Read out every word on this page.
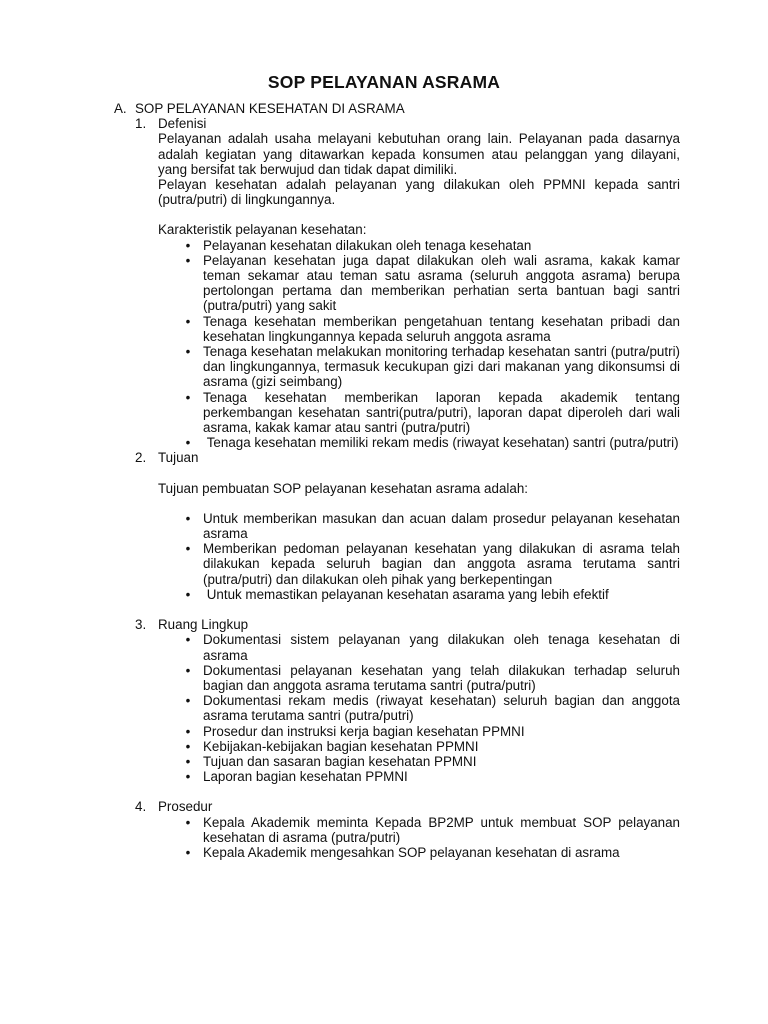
SOP PELAYANAN ASRAMA
A. SOP PELAYANAN KESEHATAN DI ASRAMA
1. Defenisi
Pelayanan adalah usaha melayani kebutuhan orang lain. Pelayanan pada dasarnya adalah kegiatan yang ditawarkan kepada konsumen atau pelanggan yang dilayani, yang bersifat tak berwujud dan tidak dapat dimiliki.
Pelayan kesehatan adalah pelayanan yang dilakukan oleh PPMNI kepada santri (putra/putri) di lingkungannya.
Karakteristik pelayanan kesehatan:
• Pelayanan kesehatan dilakukan oleh tenaga kesehatan
• Pelayanan kesehatan juga dapat dilakukan oleh wali asrama, kakak kamar teman sekamar atau teman satu asrama (seluruh anggota asrama) berupa pertolongan pertama dan memberikan perhatian serta bantuan bagi santri (putra/putri) yang sakit
• Tenaga kesehatan memberikan pengetahuan tentang kesehatan pribadi dan kesehatan lingkungannya kepada seluruh anggota asrama
• Tenaga kesehatan melakukan monitoring terhadap kesehatan santri (putra/putri) dan lingkungannya, termasuk kecukupan gizi dari makanan yang dikonsumsi di asrama (gizi seimbang)
• Tenaga kesehatan memberikan laporan kepada akademik tentang perkembangan kesehatan santri(putra/putri), laporan dapat diperoleh dari wali asrama, kakak kamar atau santri (putra/putri)
• Tenaga kesehatan memiliki rekam medis (riwayat kesehatan) santri (putra/putri)
2. Tujuan
Tujuan pembuatan SOP pelayanan kesehatan asrama adalah:
• Untuk memberikan masukan dan acuan dalam prosedur pelayanan kesehatan asrama
• Memberikan pedoman pelayanan kesehatan yang dilakukan di asrama telah dilakukan kepada seluruh bagian dan anggota asrama terutama santri (putra/putri) dan dilakukan oleh pihak yang berkepentingan
• Untuk memastikan pelayanan kesehatan asarama yang lebih efektif
3. Ruang Lingkup
• Dokumentasi sistem pelayanan yang dilakukan oleh tenaga kesehatan di asrama
• Dokumentasi pelayanan kesehatan yang telah dilakukan terhadap seluruh bagian dan anggota asrama terutama santri (putra/putri)
• Dokumentasi rekam medis (riwayat kesehatan) seluruh bagian dan anggota asrama terutama santri (putra/putri)
• Prosedur dan instruksi kerja bagian kesehatan PPMNI
• Kebijakan-kebijakan bagian kesehatan PPMNI
• Tujuan dan sasaran bagian kesehatan PPMNI
• Laporan bagian kesehatan PPMNI
4. Prosedur
• Kepala Akademik meminta Kepada BP2MP untuk membuat SOP pelayanan kesehatan di asrama (putra/putri)
• Kepala Akademik mengesahkan SOP pelayanan kesehatan di asrama
